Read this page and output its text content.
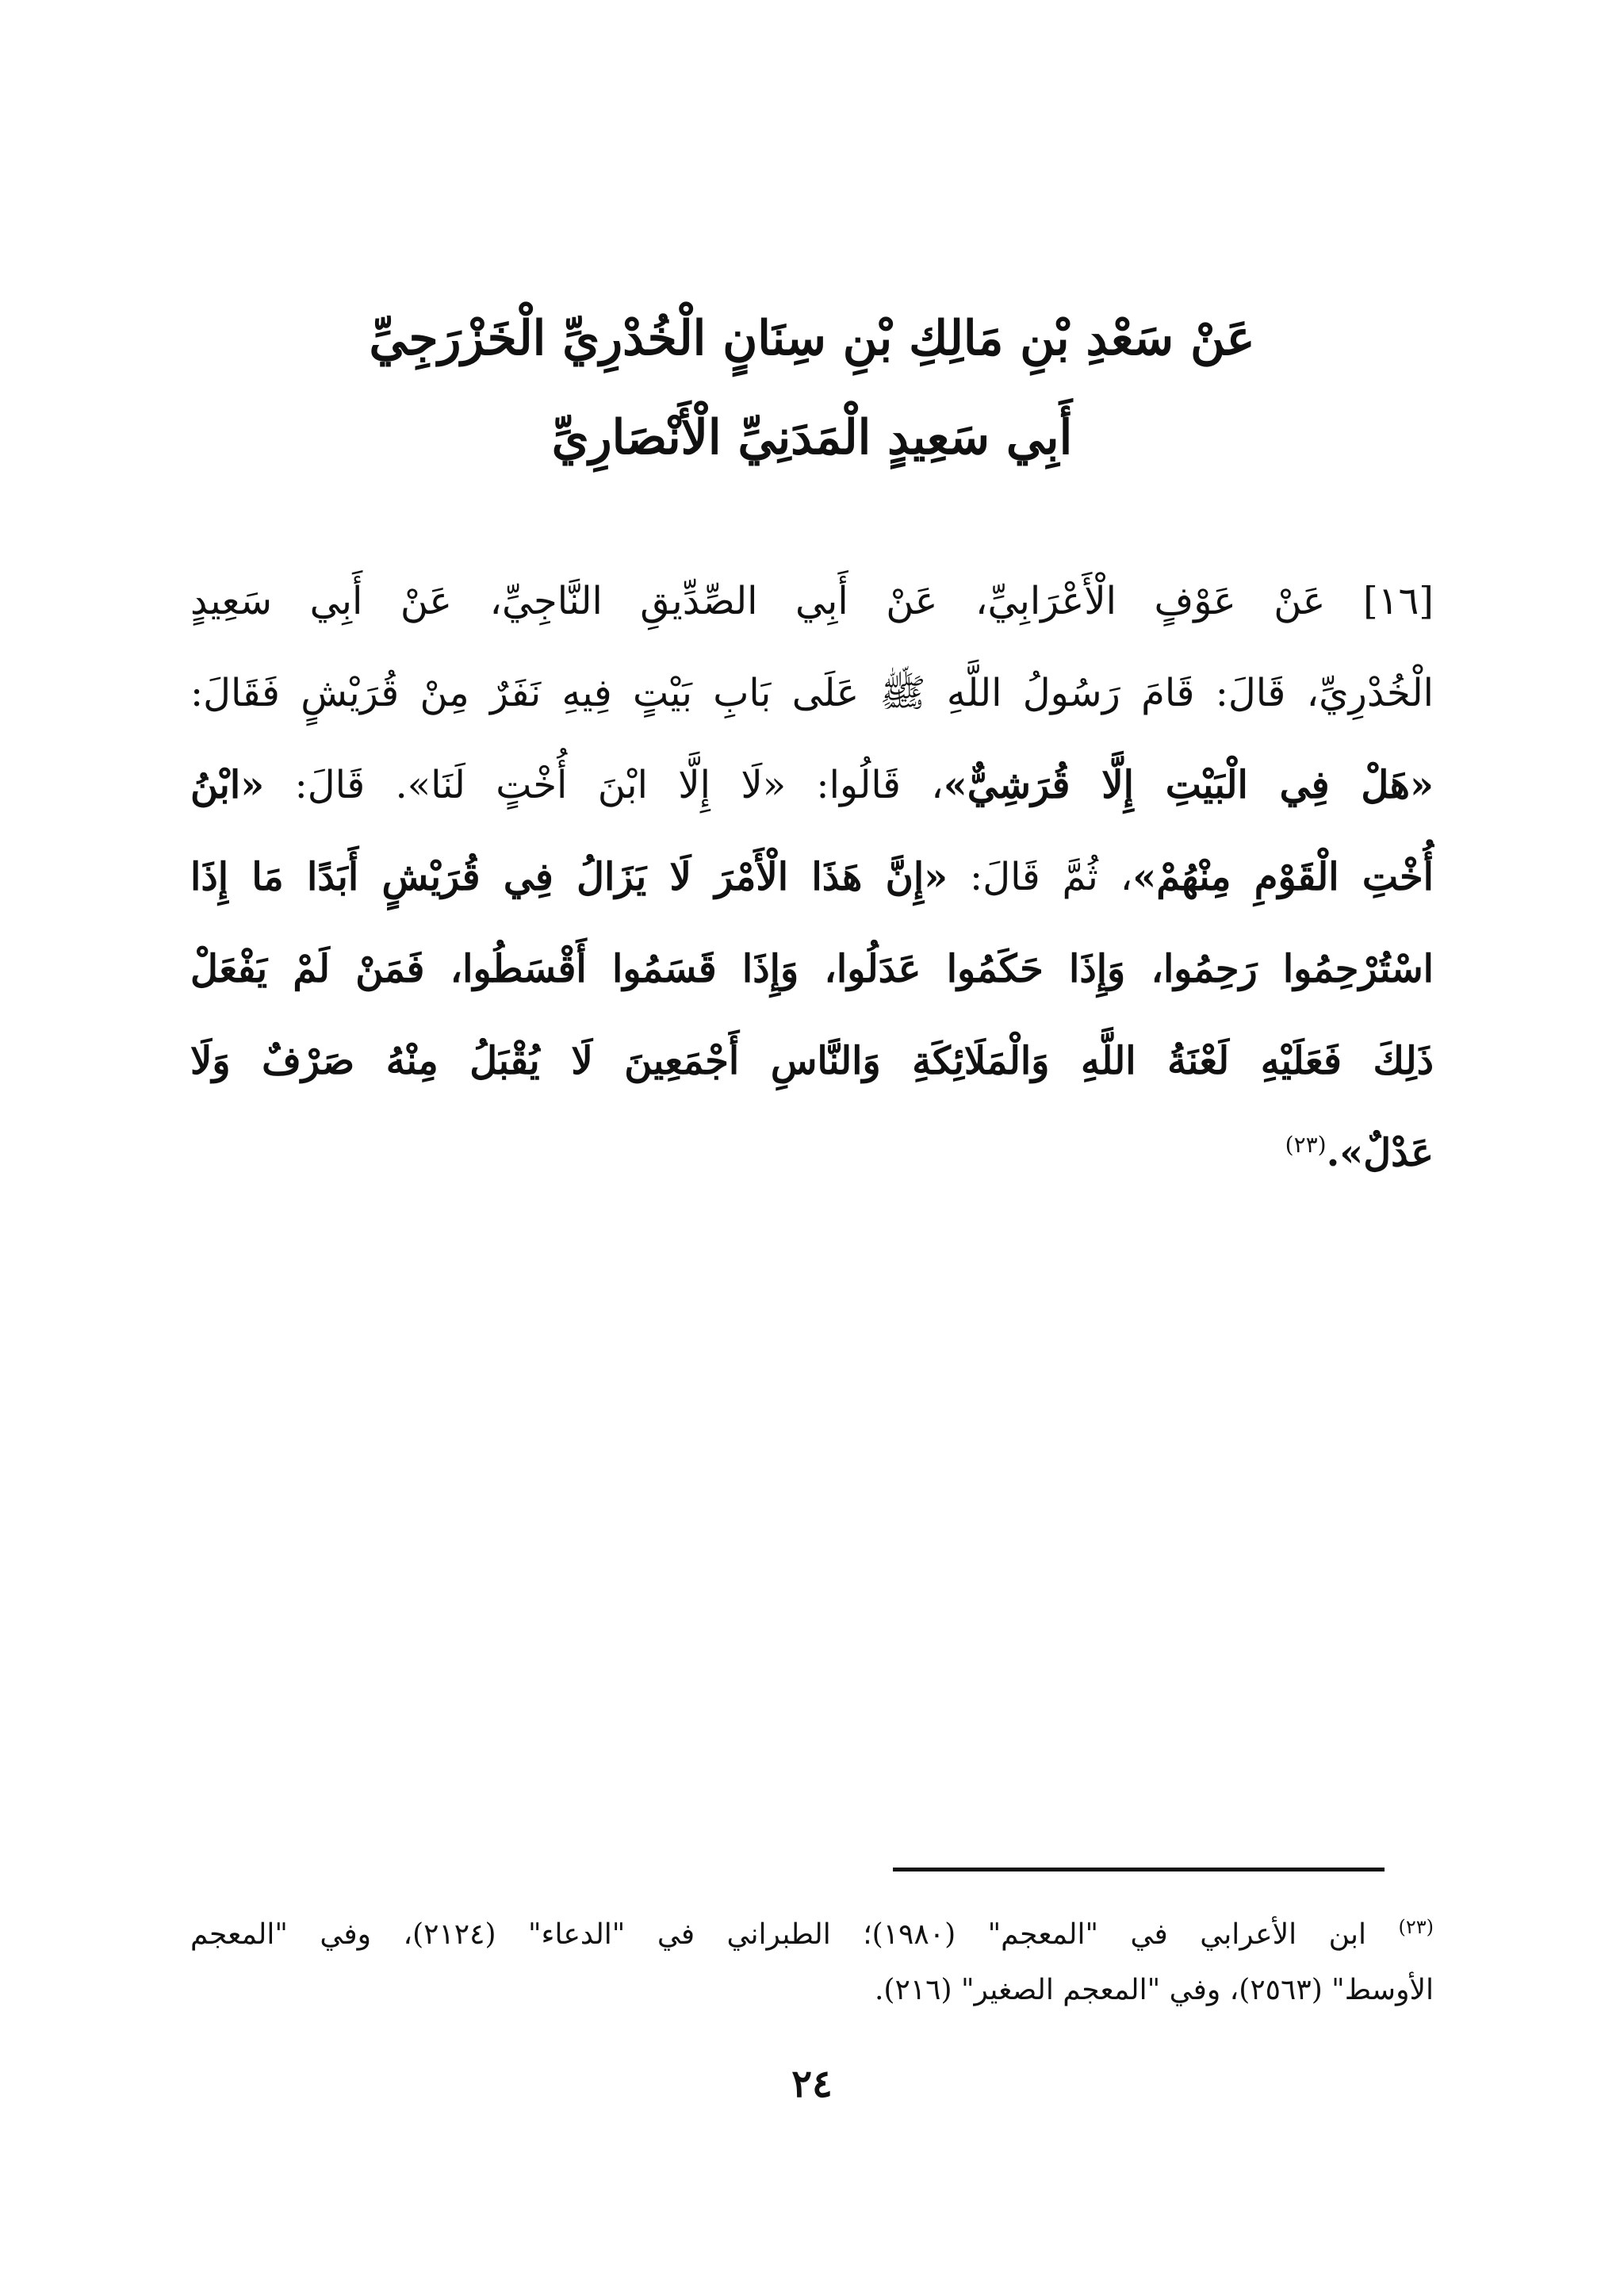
عَنْ سَعْدِ بْنِ مَالِكِ بْنِ سِنَانٍ الْخُدْرِيِّ الْخَزْرَجِيِّ
أَبِي سَعِيدٍ الْمَدَنِيِّ الْأَنْصَارِيِّ
[١٦] عَنْ عَوْفٍ الْأَعْرَابِيِّ، عَنْ أَبِي الصِّدِّيقِ النَّاجِيِّ، عَنْ أَبِي سَعِيدٍ
الْخُدْرِيِّ، قَالَ: قَامَ رَسُولُ اللَّهِ ﷺ عَلَى بَابِ بَيْتٍ فِيهِ نَفَرٌ مِنْ قُرَيْشٍ فَقَالَ:
«هَلْ فِي الْبَيْتِ إِلَّا قُرَشِيٌّ»، قَالُوا: «لَا إِلَّا ابْنَ أُخْتٍ لَنَا». قَالَ: «ابْنُ
أُخْتِ الْقَوْمِ مِنْهُمْ»، ثُمَّ قَالَ: «إِنَّ هَذَا الْأَمْرَ لَا يَزَالُ فِي قُرَيْشٍ أَبَدًا مَا إِذَا
اسْتُرْحِمُوا رَحِمُوا، وَإِذَا حَكَمُوا عَدَلُوا، وَإِذَا قَسَمُوا أَقْسَطُوا، فَمَنْ لَمْ يَفْعَلْ
ذَلِكَ فَعَلَيْهِ لَعْنَةُ اللَّهِ وَالْمَلَائِكَةِ وَالنَّاسِ أَجْمَعِينَ لَا يُقْبَلُ مِنْهُ صَرْفٌ وَلَا
عَدْلٌ».$^{(٢٣)}$
$^{(٢٣)}$ ابن الأعرابي في "المعجم" (١٩٨٠)؛ الطبراني في "الدعاء" (٢١٢٤)، وفي "المعجم
الأوسط" (٢٥٦٣)، وفي "المعجم الصغير" (٢١٦).
٢٤
